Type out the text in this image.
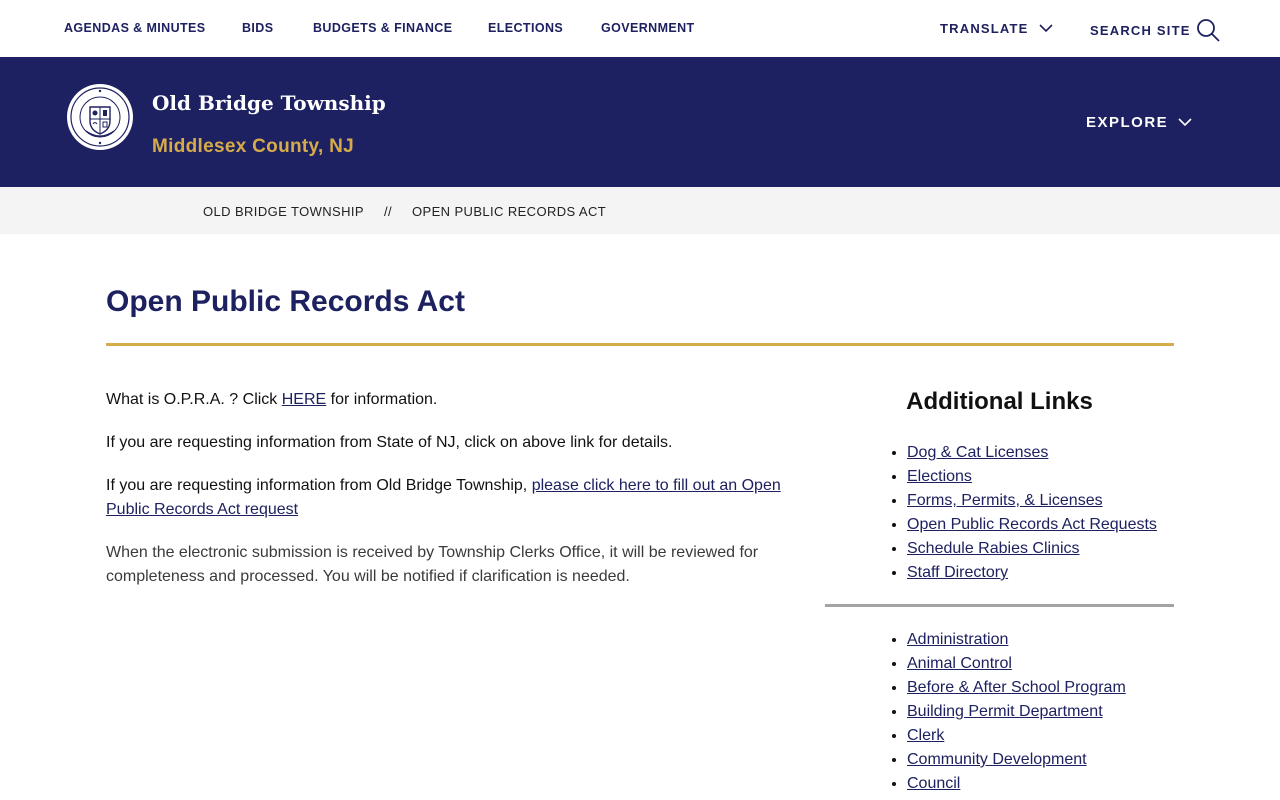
AGENDAS & MINUTES	BIDS	BUDGETS & FINANCE	ELECTIONS	GOVERNMENT	TRANSLATE	SEARCH SITE
Old Bridge Township
Middlesex County, NJ
EXPLORE
OLD BRIDGE TOWNSHIP // OPEN PUBLIC RECORDS ACT
Open Public Records Act

What is O.P.R.A. ? Click HERE for information.

If you are requesting information from State of NJ, click on above link for details.

If you are requesting information from Old Bridge Township, please click here to fill out an Open Public Records Act request

When the electronic submission is received by Township Clerks Office, it will be reviewed for completeness and processed. You will be notified if clarification is needed.

Additional Links
• Dog & Cat Licenses
• Elections
• Forms, Permits, & Licenses
• Open Public Records Act Requests
• Schedule Rabies Clinics
• Staff Directory
• Administration
• Animal Control
• Before & After School Program
• Building Permit Department
• Clerk
• Community Development
• Council
